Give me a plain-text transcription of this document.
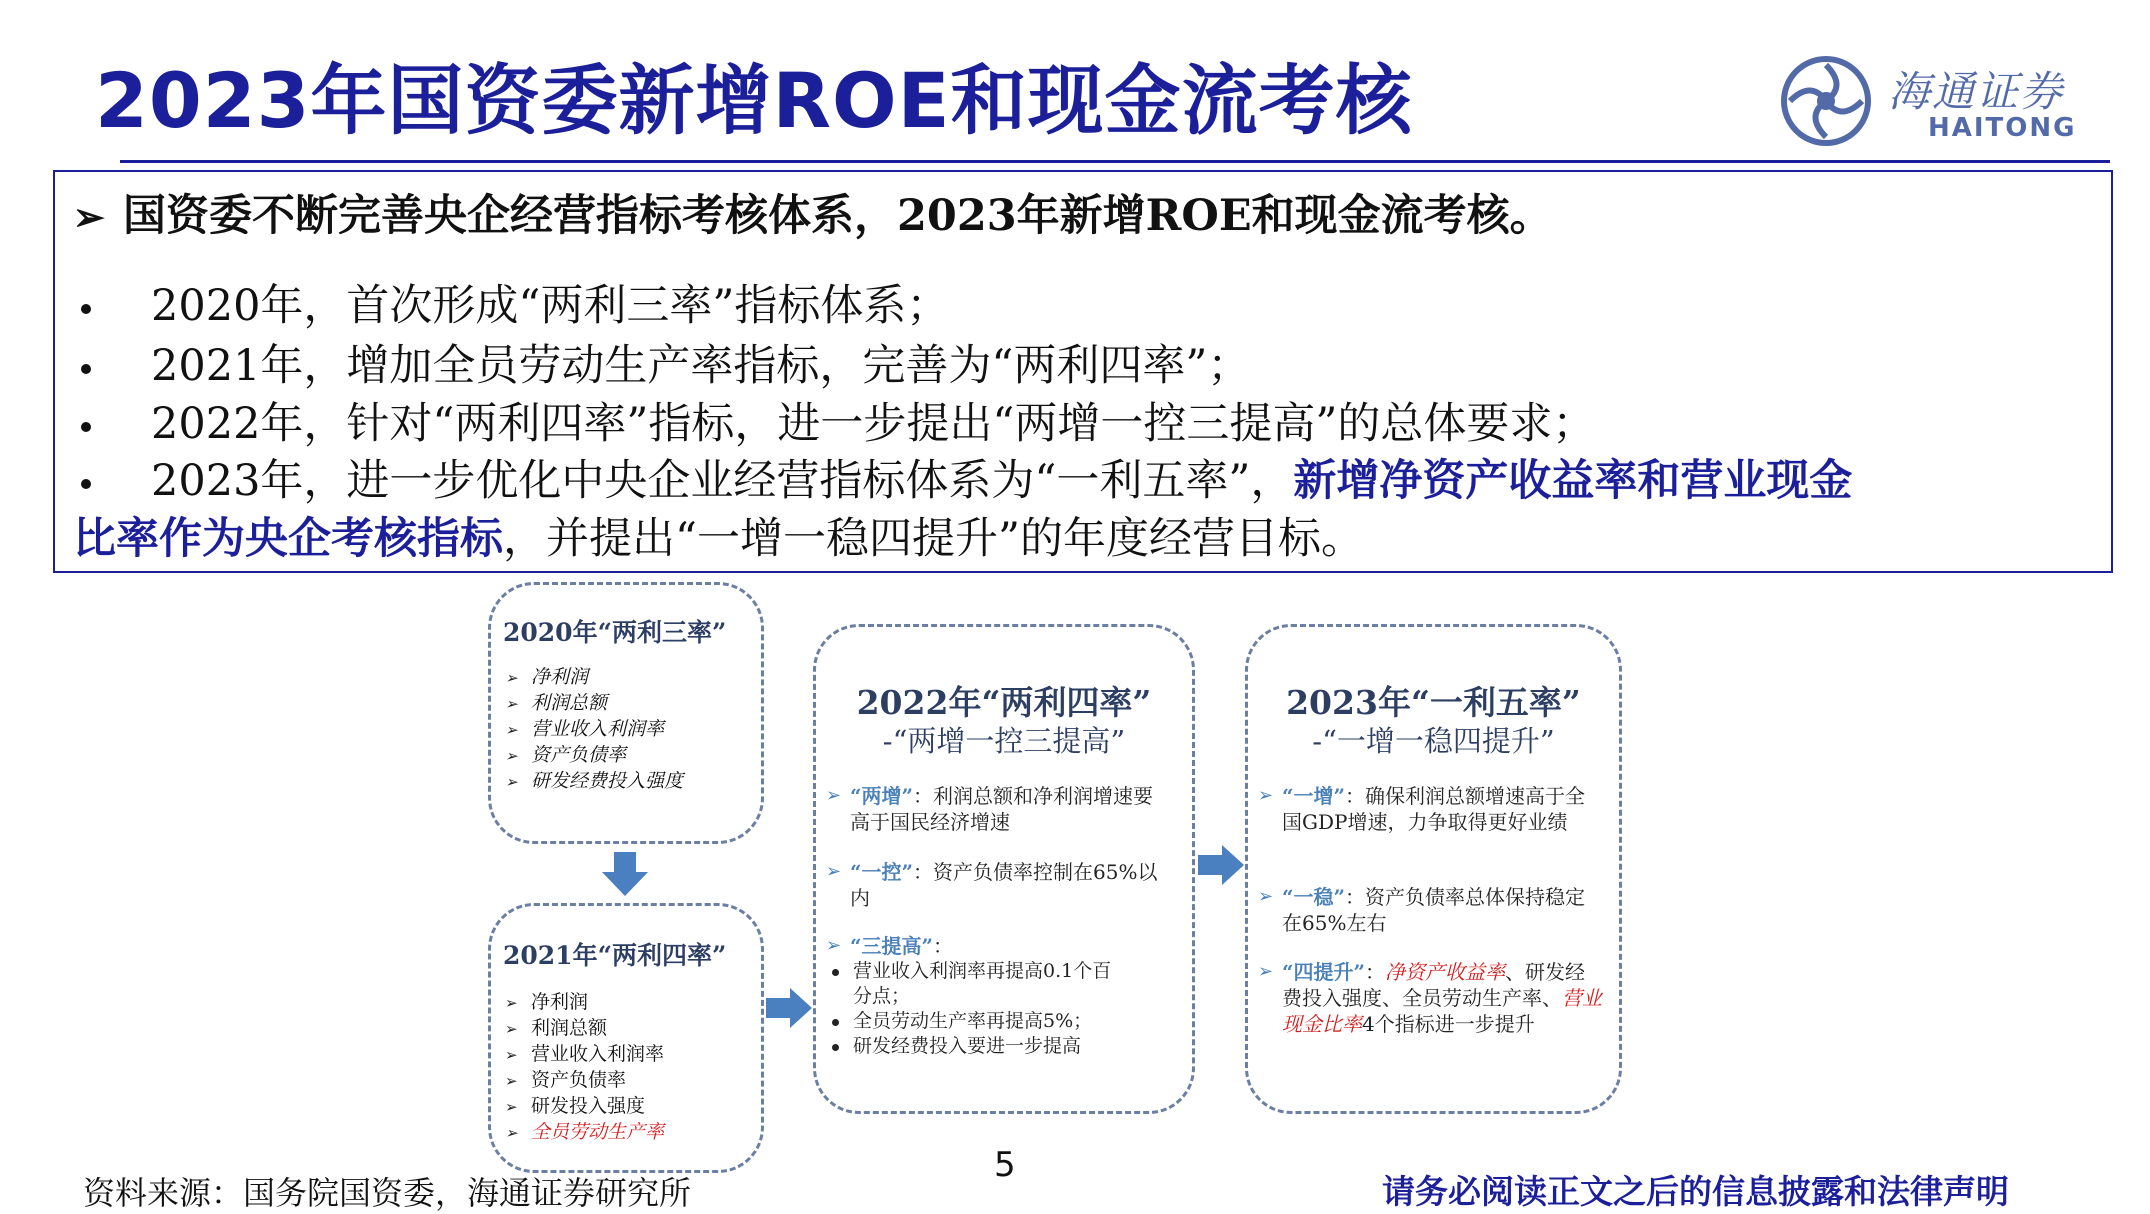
2023年国资委新增ROE和现金流考核	海通证券
HAITONG
➢ 国资委不断完善央企经营指标考核体系，2023年新增ROE和现金流考核。
2020年，首次形成“两利三率”指标体系；
2021年，增加全员劳动生产率指标，完善为“两利四率”；
2022年，针对“两利四率”指标，进一步提出“两增一控三提高”的总体要求；
2023年，进一步优化中央企业经营指标体系为“一利五率”，新增净资产收益率和营业现金
比率作为央企考核指标，并提出“一增一稳四提升”的年度经营目标。
2020年“两利三率”
➢ 净利润
➢ 利润总额
➢ 营业收入利润率
➢ 资产负债率
➢ 研发经费投入强度
2021年“两利四率”
➢ 净利润
➢ 利润总额
➢ 营业收入利润率
➢ 资产负债率
➢ 研发投入强度
➢ 全员劳动生产率
2022年“两利四率”
-“两增一控三提高”
➢ “两增”：利润总额和净利润增速要高于国民经济增速
➢ “一控”：资产负债率控制在65%以内
➢ “三提高”：
营业收入利润率再提高0.1个百
分点；
全员劳动生产率再提高5%；
研发经费投入要进一步提高
2023年“一利五率”
-“一增一稳四提升”
➢ “一增”：确保利润总额增速高于全国GDP增速，力争取得更好业绩
➢ “一稳”：资产负债率总体保持稳定在65%左右
➢ “四提升”：净资产收益率、研发经费投入强度、全员劳动生产率、营业现金比率4个指标进一步提升
资料来源：国务院国资委，海通证券研究所
5
请务必阅读正文之后的信息披露和法律声明
